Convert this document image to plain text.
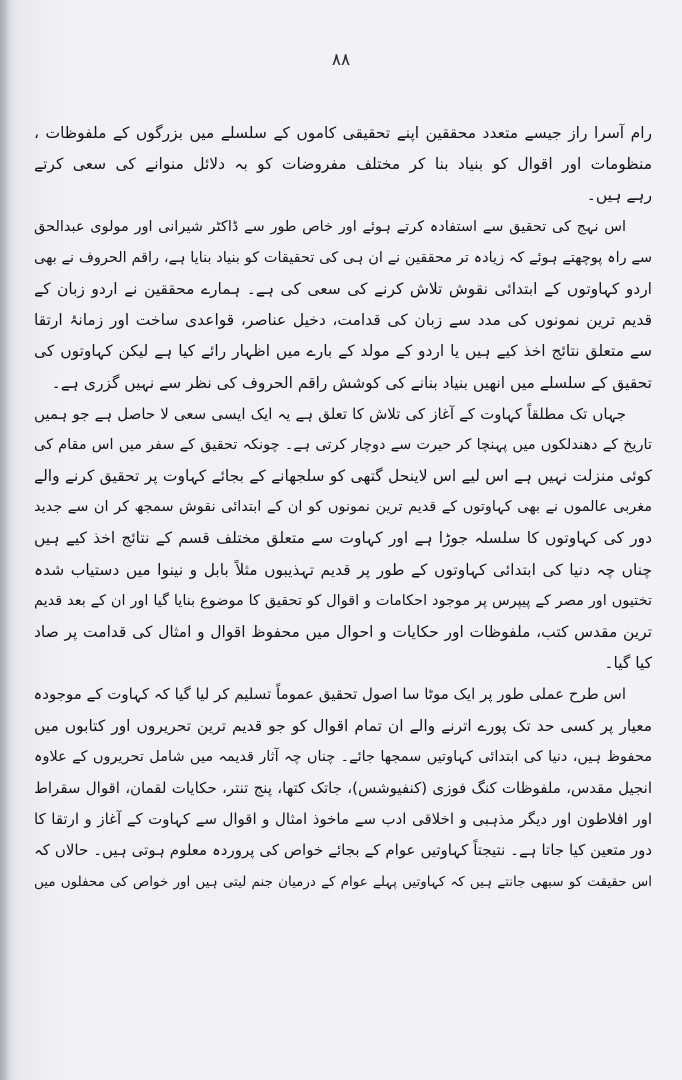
۸۸
رام آسرا راز جیسے متعدد محققین اپنے تحقیقی کاموں کے سلسلے میں بزرگوں کے ملفوظات ،
منظومات اور اقوال کو بنیاد بنا کر مختلف مفروضات کو بہ دلائل منوانے کی سعی کرتے
رہے ہیں۔
اس نہج کی تحقیق سے استفادہ کرتے ہوئے اور خاص طور سے ڈاکٹر شیرانی اور مولوی عبدالحق
سے راہ پوچھتے ہوئے کہ زیادہ تر محققین نے ان ہی کی تحقیقات کو بنیاد بنایا ہے، راقم الحروف نے بھی
اردو کہاوتوں کے ابتدائی نقوش تلاش کرنے کی سعی کی ہے۔ ہمارے محققین نے اردو زبان کے
قدیم ترین نمونوں کی مدد سے زبان کی قدامت، دخیل عناصر، قواعدی ساخت اور زمانۂ ارتقا
سے متعلق نتائج اخذ کیے ہیں یا اردو کے مولد کے بارے میں اظہار رائے کیا ہے لیکن کہاوتوں کی
تحقیق کے سلسلے میں انھیں بنیاد بنانے کی کوشش راقم الحروف کی نظر سے نہیں گزری ہے۔
جہاں تک مطلقاً کہاوت کے آغاز کی تلاش کا تعلق ہے یہ ایک ایسی سعی لا حاصل ہے جو ہمیں
تاریخ کے دھندلکوں میں پہنچا کر حیرت سے دوچار کرتی ہے۔ چونکہ تحقیق کے سفر میں اس مقام کی
کوئی منزلت نہیں ہے اس لیے اس لاینحل گتھی کو سلجھانے کے بجائے کہاوت پر تحقیق کرنے والے
مغربی عالموں نے بھی کہاوتوں کے قدیم ترین نمونوں کو ان کے ابتدائی نقوش سمجھ کر ان سے جدید
دور کی کہاوتوں کا سلسلہ جوڑا ہے اور کہاوت سے متعلق مختلف قسم کے نتائج اخذ کیے ہیں
چناں چہ دنیا کی ابتدائی کہاوتوں کے طور پر قدیم تہذیبوں مثلاً بابل و نینوا میں دستیاب شدہ
تختیوں اور مصر کے پیپرس پر موجود احکامات و اقوال کو تحقیق کا موضوع بنایا گیا اور ان کے بعد قدیم
ترین مقدس کتب، ملفوظات اور حکایات و احوال میں محفوظ اقوال و امثال کی قدامت پر صاد
کیا گیا۔
اس طرح عملی طور پر ایک موٹا سا اصول تحقیق عموماً تسلیم کر لیا گیا کہ کہاوت کے موجودہ
معیار پر کسی حد تک پورے اترنے والے ان تمام اقوال کو جو قدیم ترین تحریروں اور کتابوں میں
محفوظ ہیں، دنیا کی ابتدائی کہاوتیں سمجھا جائے۔ چناں چہ آثار قدیمہ میں شامل تحریروں کے علاوہ
انجیل مقدس، ملفوظات کنگ فوزی (کنفیوشس)، جاتک کتھا، پنج تنتر، حکایات لقمان، اقوال سقراط
اور افلاطون اور دیگر مذہبی و اخلاقی ادب سے ماخوذ امثال و اقوال سے کہاوت کے آغاز و ارتقا کا
دور متعین کیا جاتا ہے۔ نتیجتاً کہاوتیں عوام کے بجائے خواص کی پروردہ معلوم ہوتی ہیں۔ حالاں کہ
اس حقیقت کو سبھی جانتے ہیں کہ کہاوتیں پہلے عوام کے درمیان جنم لیتی ہیں اور خواص کی محفلوں میں
